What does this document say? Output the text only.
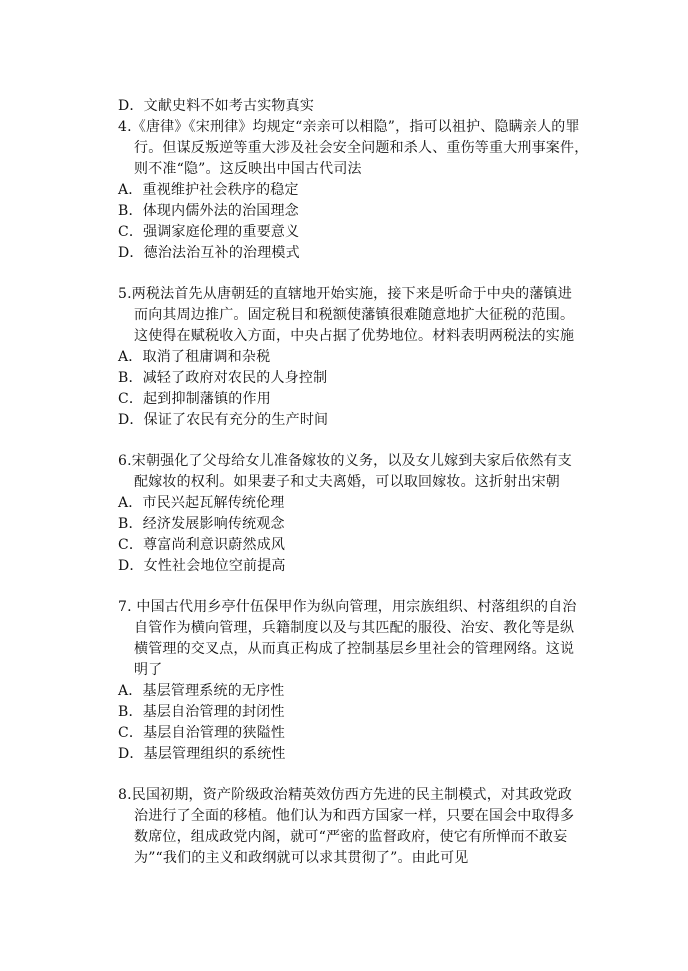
D．文献史料不如考古实物真实
4.《唐律》《宋刑律》均规定“亲亲可以相隐”，指可以祖护、隐瞒亲人的罪
行。但谋反叛逆等重大涉及社会安全问题和杀人、重伤等重大刑事案件，
则不准“隐”。这反映出中国古代司法
A．重视维护社会秩序的稳定
B．体现内儒外法的治国理念
C．强调家庭伦理的重要意义
D．德治法治互补的治理模式
5.两税法首先从唐朝廷的直辖地开始实施，接下来是听命于中央的藩镇进
而向其周边推广。固定税目和税额使藩镇很难随意地扩大征税的范围。
这使得在赋税收入方面，中央占据了优势地位。材料表明两税法的实施
A．取消了租庸调和杂税
B．减轻了政府对农民的人身控制
C．起到抑制藩镇的作用
D．保证了农民有充分的生产时间
6.宋朝强化了父母给女儿准备嫁妆的义务，以及女儿嫁到夫家后依然有支
配嫁妆的权利。如果妻子和丈夫离婚，可以取回嫁妆。这折射出宋朝
A．市民兴起瓦解传统伦理
B．经济发展影响传统观念
C．尊富尚利意识蔚然成风
D．女性社会地位空前提高
7. 中国古代用乡亭什伍保甲作为纵向管理，用宗族组织、村落组织的自治
自管作为横向管理，兵籍制度以及与其匹配的服役、治安、教化等是纵
横管理的交叉点，从而真正构成了控制基层乡里社会的管理网络。这说
明了
A．基层管理系统的无序性
B．基层自治管理的封闭性
C．基层自治管理的狭隘性
D．基层管理组织的系统性
8.民国初期，资产阶级政治精英效仿西方先进的民主制模式，对其政党政
治进行了全面的移植。他们认为和西方国家一样，只要在国会中取得多
数席位，组成政党内阁，就可“严密的监督政府，使它有所惮而不敢妄
为”“我们的主义和政纲就可以求其贯彻了”。由此可见
